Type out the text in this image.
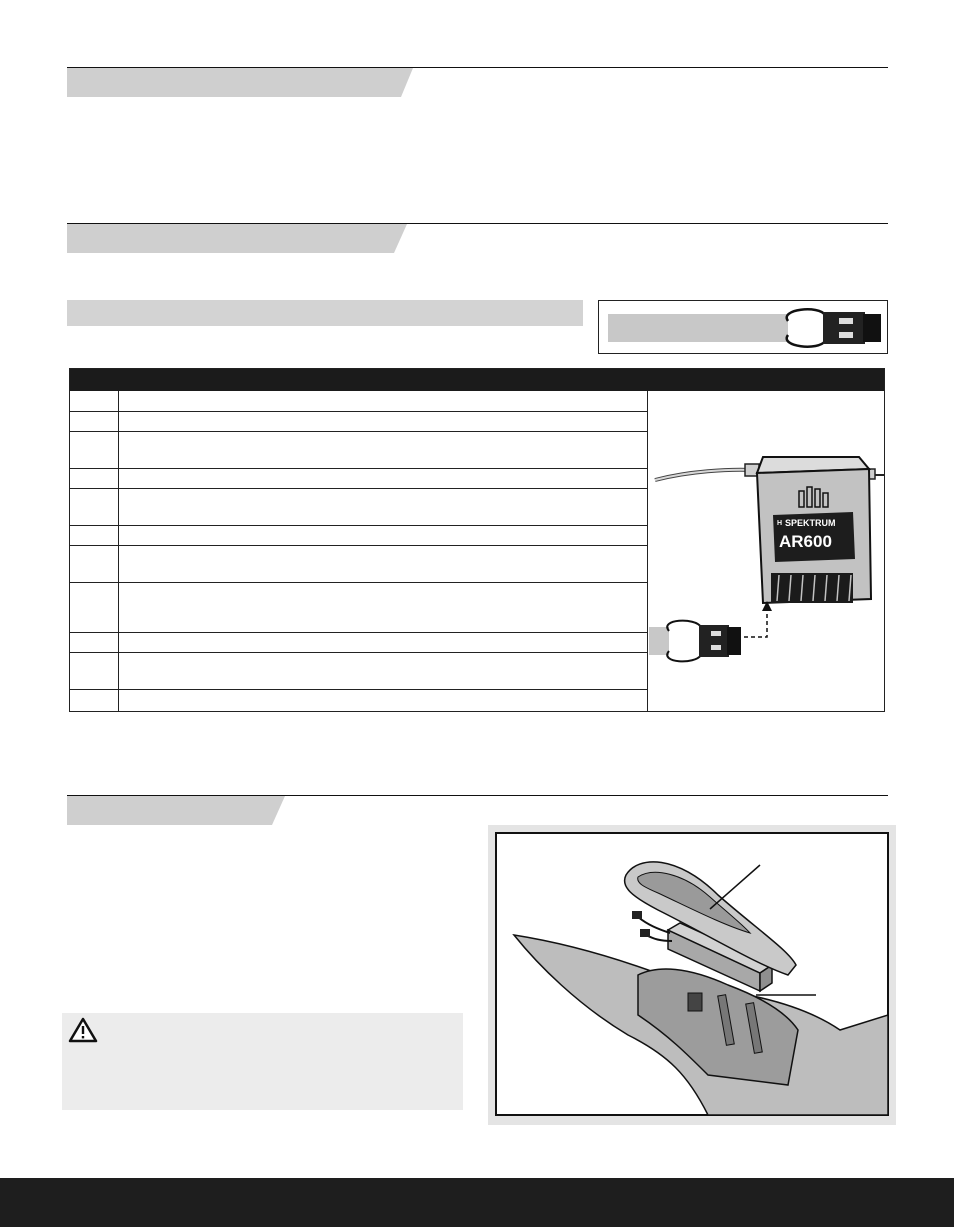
H SPEKTRUM
AR600
